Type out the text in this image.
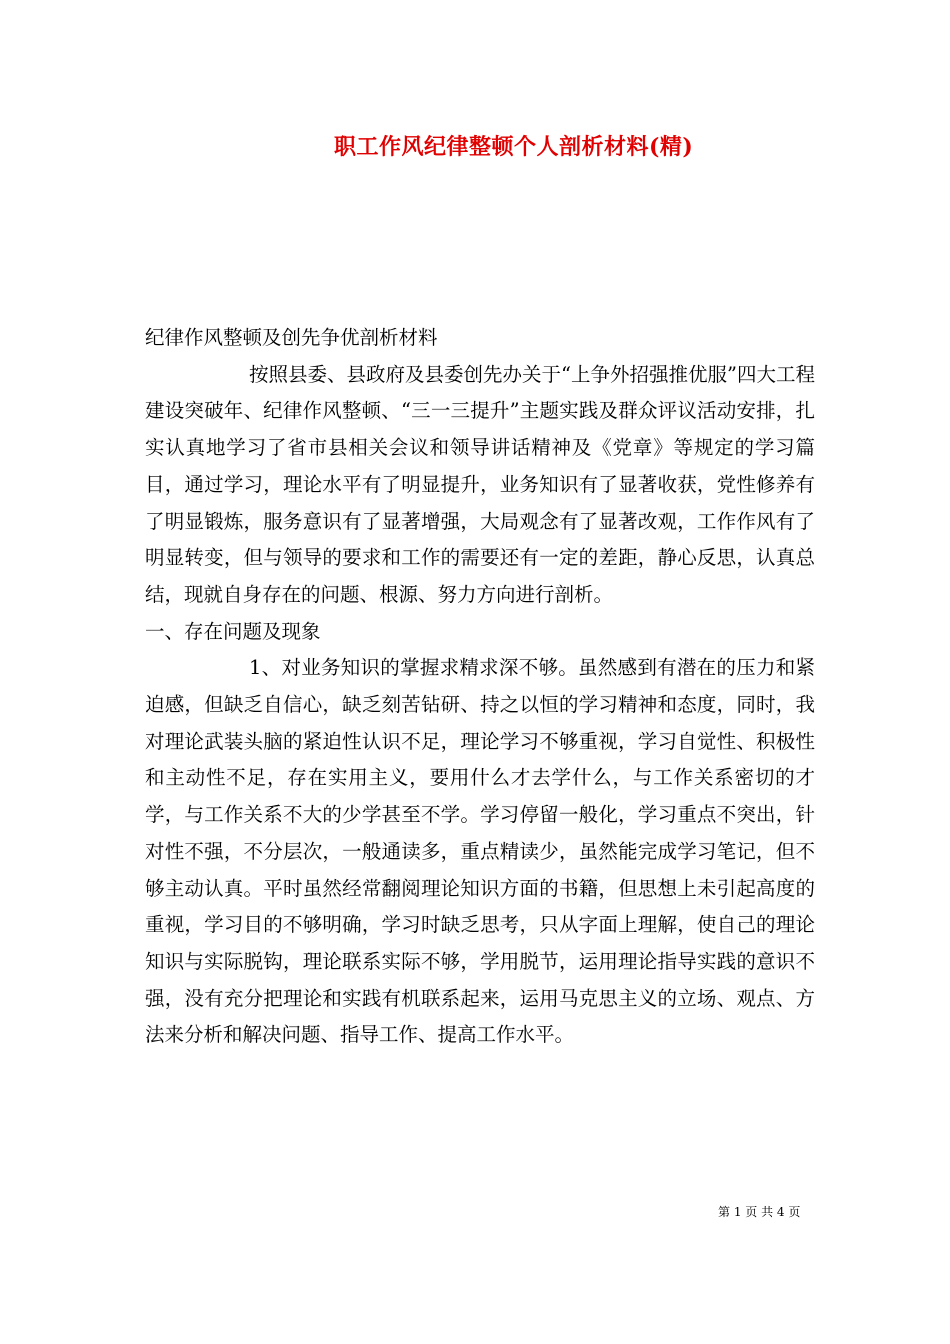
职工作风纪律整顿个人剖析材料(精)

纪律作风整顿及创先争优剖析材料

按照县委、县政府及县委创先办关于“上争外招强推优服”四大工程建设突破年、纪律作风整顿、“三一三提升”主题实践及群众评议活动安排，扎实认真地学习了省市县相关会议和领导讲话精神及《党章》等规定的学习篇目，通过学习，理论水平有了明显提升，业务知识有了显著收获，党性修养有了明显锻炼，服务意识有了显著增强，大局观念有了显著改观，工作作风有了明显转变，但与领导的要求和工作的需要还有一定的差距，静心反思，认真总结，现就自身存在的问题、根源、努力方向进行剖析。

一、存在问题及现象

1、对业务知识的掌握求精求深不够。虽然感到有潜在的压力和紧迫感，但缺乏自信心，缺乏刻苦钻研、持之以恒的学习精神和态度，同时，我对理论武装头脑的紧迫性认识不足，理论学习不够重视，学习自觉性、积极性和主动性不足，存在实用主义，要用什么才去学什么，与工作关系密切的才学，与工作关系不大的少学甚至不学。学习停留一般化，学习重点不突出，针对性不强，不分层次，一般通读多，重点精读少，虽然能完成学习笔记，但不够主动认真。平时虽然经常翻阅理论知识方面的书籍，但思想上未引起高度的重视，学习目的不够明确，学习时缺乏思考，只从字面上理解，使自己的理论知识与实际脱钩，理论联系实际不够，学用脱节，运用理论指导实践的意识不强，没有充分把理论和实践有机联系起来，运用马克思主义的立场、观点、方法来分析和解决问题、指导工作、提高工作水平。

第 1 页 共 4 页
